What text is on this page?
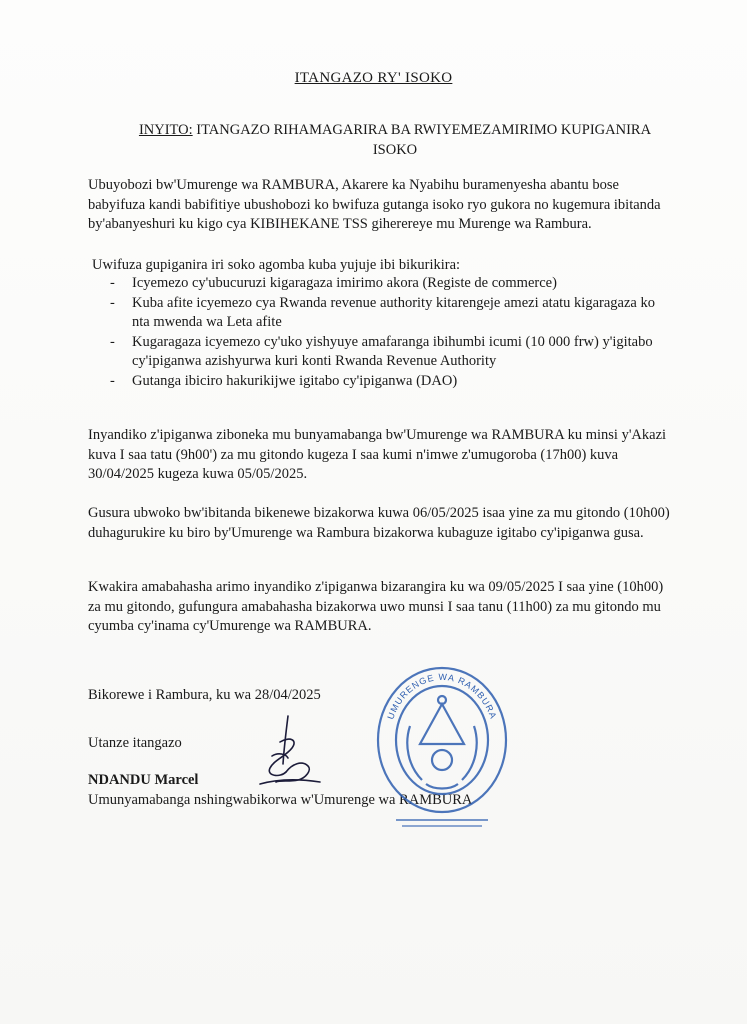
ITANGAZO RY' ISOKO
INYITO: ITANGAZO RIHAMAGARIRA BA RWIYEMEZAMIRIMO KUPIGANIRA ISOKO
Ubuyobozi bw'Umurenge wa RAMBURA, Akarere ka Nyabihu buramenyesha abantu bose babyifuza kandi babifitiye ubushobozi ko bwifuza gutanga isoko ryo gukora no kugemura ibitanda by'abanyeshuri ku kigo cya KIBIHEKANE TSS giherereye mu Murenge wa Rambura.
Uwifuza gupiganira iri soko agomba kuba yujuje ibi bikurikira:
- Icyemezo cy'ubucuruzi kigaragaza imirimo akora (Registe de commerce)
- Kuba afite icyemezo cya Rwanda revenue authority kitarengeje amezi atatu kigaragaza ko nta mwenda wa Leta afite
- Kugaragaza icyemezo cy'uko yishyuye amafaranga ibihumbi icumi (10 000 frw) y'igitabo cy'ipiganwa azishyurwa kuri konti Rwanda Revenue Authority
- Gutanga ibiciro hakurikijwe igitabo cy'ipiganwa (DAO)
Inyandiko z'ipiganwa ziboneka mu bunyamabanga bw'Umurenge wa RAMBURA ku minsi y'Akazi kuva I saa tatu (9h00') za mu gitondo kugeza I saa kumi n'imwe z'umugoroba (17h00) kuva 30/04/2025 kugeza kuwa 05/05/2025.
Gusura ubwoko bw'ibitanda bikenewe bizakorwa kuwa 06/05/2025 isaa yine za mu gitondo (10h00) duhagurukire ku biro by'Umurenge wa Rambura bizakorwa kubaguze igitabo cy'ipiganwa gusa.
Kwakira amabahasha arimo inyandiko z'ipiganwa bizarangira ku wa 09/05/2025 I saa yine (10h00) za mu gitondo, gufungura amabahasha bizakorwa uwo munsi I saa tanu (11h00) za mu gitondo mu cyumba cy'inama cy'Umurenge wa RAMBURA.
Bikorewe i Rambura, ku wa 28/04/2025
Utanze itangazo
NDANDU Marcel
Umunyamabanga nshingwabikorwa w'Umurenge wa RAMBURA
UMURENGE WA RAMBURA
